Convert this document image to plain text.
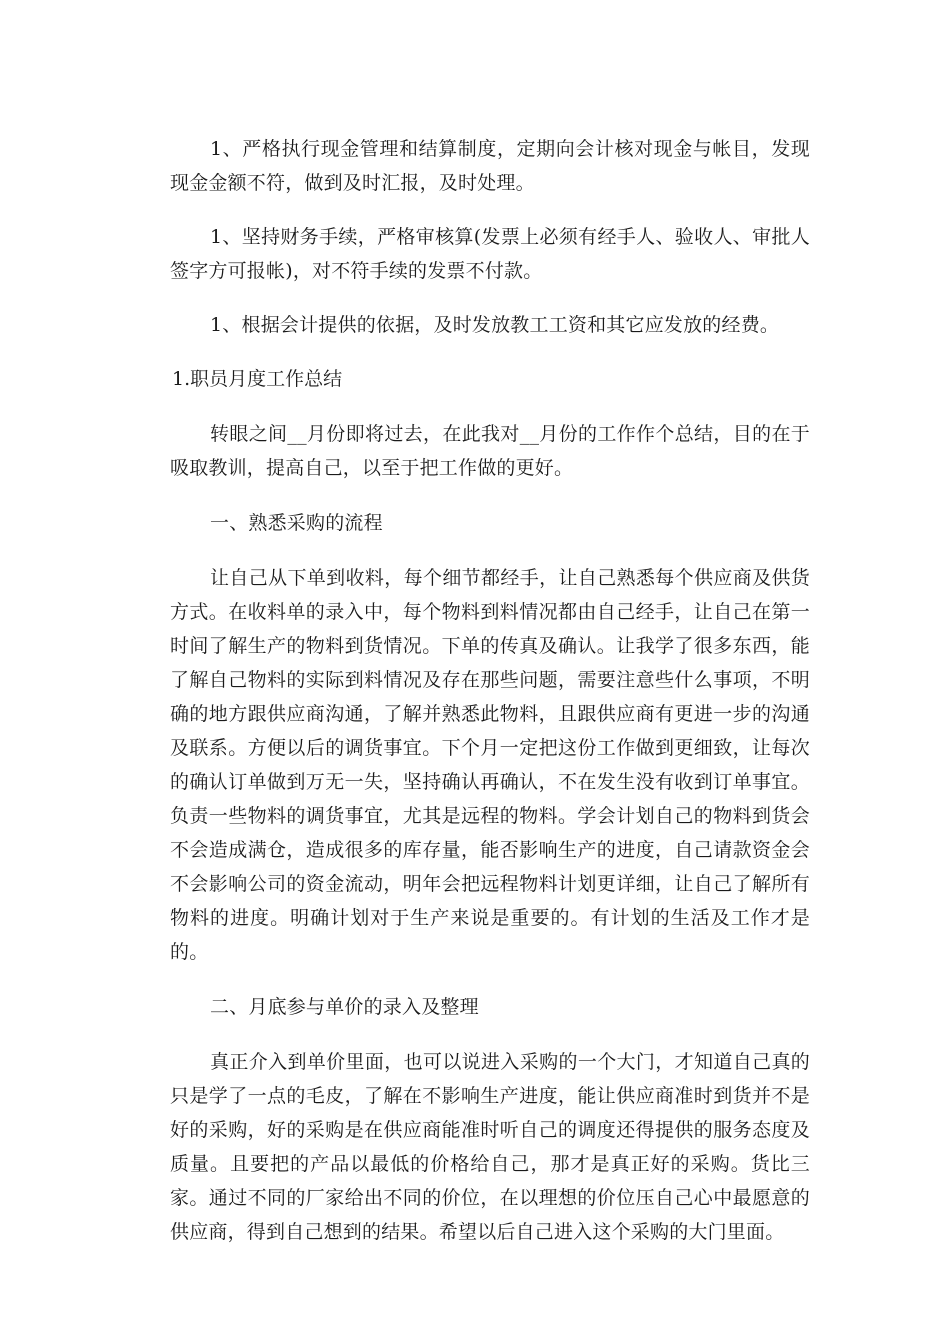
1、严格执行现金管理和结算制度，定期向会计核对现金与帐目，发现现金金额不符，做到及时汇报，及时处理。

1、坚持财务手续，严格审核算(发票上必须有经手人、验收人、审批人签字方可报帐)，对不符手续的发票不付款。

1、根据会计提供的依据，及时发放教工工资和其它应发放的经费。

1.职员月度工作总结

转眼之间__月份即将过去，在此我对__月份的工作作个总结，目的在于吸取教训，提高自己，以至于把工作做的更好。

一、熟悉采购的流程

让自己从下单到收料，每个细节都经手，让自己熟悉每个供应商及供货方式。在收料单的录入中，每个物料到料情况都由自己经手，让自己在第一时间了解生产的物料到货情况。下单的传真及确认。让我学了很多东西，能了解自己物料的实际到料情况及存在那些问题，需要注意些什么事项，不明确的地方跟供应商沟通，了解并熟悉此物料，且跟供应商有更进一步的沟通及联系。方便以后的调货事宜。下个月一定把这份工作做到更细致，让每次的确认订单做到万无一失，坚持确认再确认，不在发生没有收到订单事宜。负责一些物料的调货事宜，尤其是远程的物料。学会计划自己的物料到货会不会造成满仓，造成很多的库存量，能否影响生产的进度，自己请款资金会不会影响公司的资金流动，明年会把远程物料计划更详细，让自己了解所有物料的进度。明确计划对于生产来说是重要的。有计划的生活及工作才是的。

二、月底参与单价的录入及整理

真正介入到单价里面，也可以说进入采购的一个大门，才知道自己真的只是学了一点的毛皮，了解在不影响生产进度，能让供应商准时到货并不是好的采购，好的采购是在供应商能准时听自己的调度还得提供的服务态度及质量。且要把的产品以最低的价格给自己，那才是真正好的采购。货比三家。通过不同的厂家给出不同的价位，在以理想的价位压自己心中最愿意的供应商，得到自己想到的结果。希望以后自己进入这个采购的大门里面。
